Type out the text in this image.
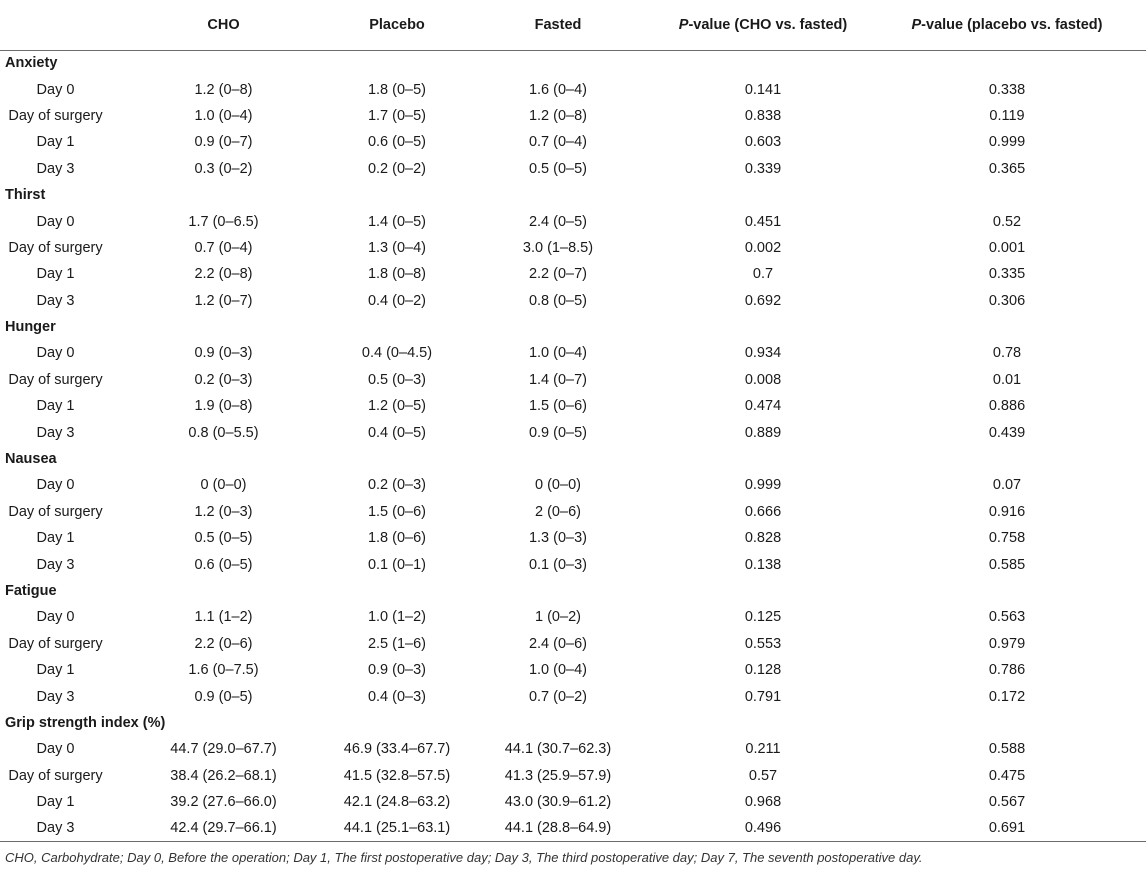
	CHO	Placebo	Fasted	P-value (CHO vs. fasted)	P-value (placebo vs. fasted)
Anxiety					
Day 0	1.2 (0–8)	1.8 (0–5)	1.6 (0–4)	0.141	0.338
Day of surgery	1.0 (0–4)	1.7 (0–5)	1.2 (0–8)	0.838	0.119
Day 1	0.9 (0–7)	0.6 (0–5)	0.7 (0–4)	0.603	0.999
Day 3	0.3 (0–2)	0.2 (0–2)	0.5 (0–5)	0.339	0.365
Thirst					
Day 0	1.7 (0–6.5)	1.4 (0–5)	2.4 (0–5)	0.451	0.52
Day of surgery	0.7 (0–4)	1.3 (0–4)	3.0 (1–8.5)	0.002	0.001
Day 1	2.2 (0–8)	1.8 (0–8)	2.2 (0–7)	0.7	0.335
Day 3	1.2 (0–7)	0.4 (0–2)	0.8 (0–5)	0.692	0.306
Hunger					
Day 0	0.9 (0–3)	0.4 (0–4.5)	1.0 (0–4)	0.934	0.78
Day of surgery	0.2 (0–3)	0.5 (0–3)	1.4 (0–7)	0.008	0.01
Day 1	1.9 (0–8)	1.2 (0–5)	1.5 (0–6)	0.474	0.886
Day 3	0.8 (0–5.5)	0.4 (0–5)	0.9 (0–5)	0.889	0.439
Nausea					
Day 0	0 (0–0)	0.2 (0–3)	0 (0–0)	0.999	0.07
Day of surgery	1.2 (0–3)	1.5 (0–6)	2 (0–6)	0.666	0.916
Day 1	0.5 (0–5)	1.8 (0–6)	1.3 (0–3)	0.828	0.758
Day 3	0.6 (0–5)	0.1 (0–1)	0.1 (0–3)	0.138	0.585
Fatigue					
Day 0	1.1 (1–2)	1.0 (1–2)	1 (0–2)	0.125	0.563
Day of surgery	2.2 (0–6)	2.5 (1–6)	2.4 (0–6)	0.553	0.979
Day 1	1.6 (0–7.5)	0.9 (0–3)	1.0 (0–4)	0.128	0.786
Day 3	0.9 (0–5)	0.4 (0–3)	0.7 (0–2)	0.791	0.172
Grip strength index (%)					
Day 0	44.7 (29.0–67.7)	46.9 (33.4–67.7)	44.1 (30.7–62.3)	0.211	0.588
Day of surgery	38.4 (26.2–68.1)	41.5 (32.8–57.5)	41.3 (25.9–57.9)	0.57	0.475
Day 1	39.2 (27.6–66.0)	42.1 (24.8–63.2)	43.0 (30.9–61.2)	0.968	0.567
Day 3	42.4 (29.7–66.1)	44.1 (25.1–63.1)	44.1 (28.8–64.9)	0.496	0.691
CHO, Carbohydrate; Day 0, Before the operation; Day 1, The first postoperative day; Day 3, The third postoperative day; Day 7, The seventh postoperative day.
